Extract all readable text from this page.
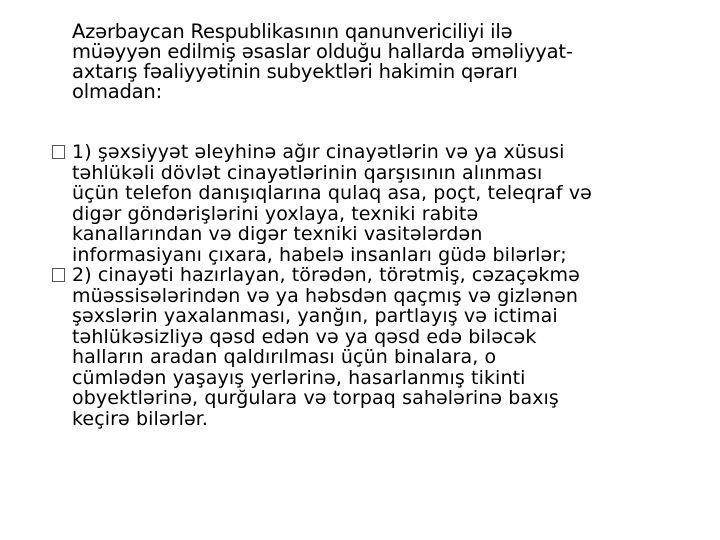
Azərbaycan Respublikasının qanunvericiliyi ilə
müəyyən edilmiş əsaslar olduğu hallarda əməliyyat-
axtarış fəaliyyətinin subyektləri hakimin qərarı
olmadan:
1) şəxsiyyət əleyhinə ağır cinayətlərin və ya xüsusi
təhlükəli dövlət cinayətlərinin qarşısının alınması
üçün telefon danışıqlarına qulaq asa, poçt, teleqraf və
digər göndərişlərini yoxlaya, texniki rabitə
kanallarından və digər texniki vasitələrdən
informasiyanı çıxara, habelə insanları güdə bilərlər;
2) cinayəti hazırlayan, törədən, törətmiş, cəzaçəkmə
müəssisələrindən və ya həbsdən qaçmış və gizlənən
şəxslərin yaxalanması, yanğın, partlayış və ictimai
təhlükəsizliyə qəsd edən və ya qəsd edə biləcək
halların aradan qaldırılması üçün binalara, o
cümlədən yaşayış yerlərinə, hasarlanmış tikinti
obyektlərinə, qurğulara və torpaq sahələrinə baxış
keçirə bilərlər.
